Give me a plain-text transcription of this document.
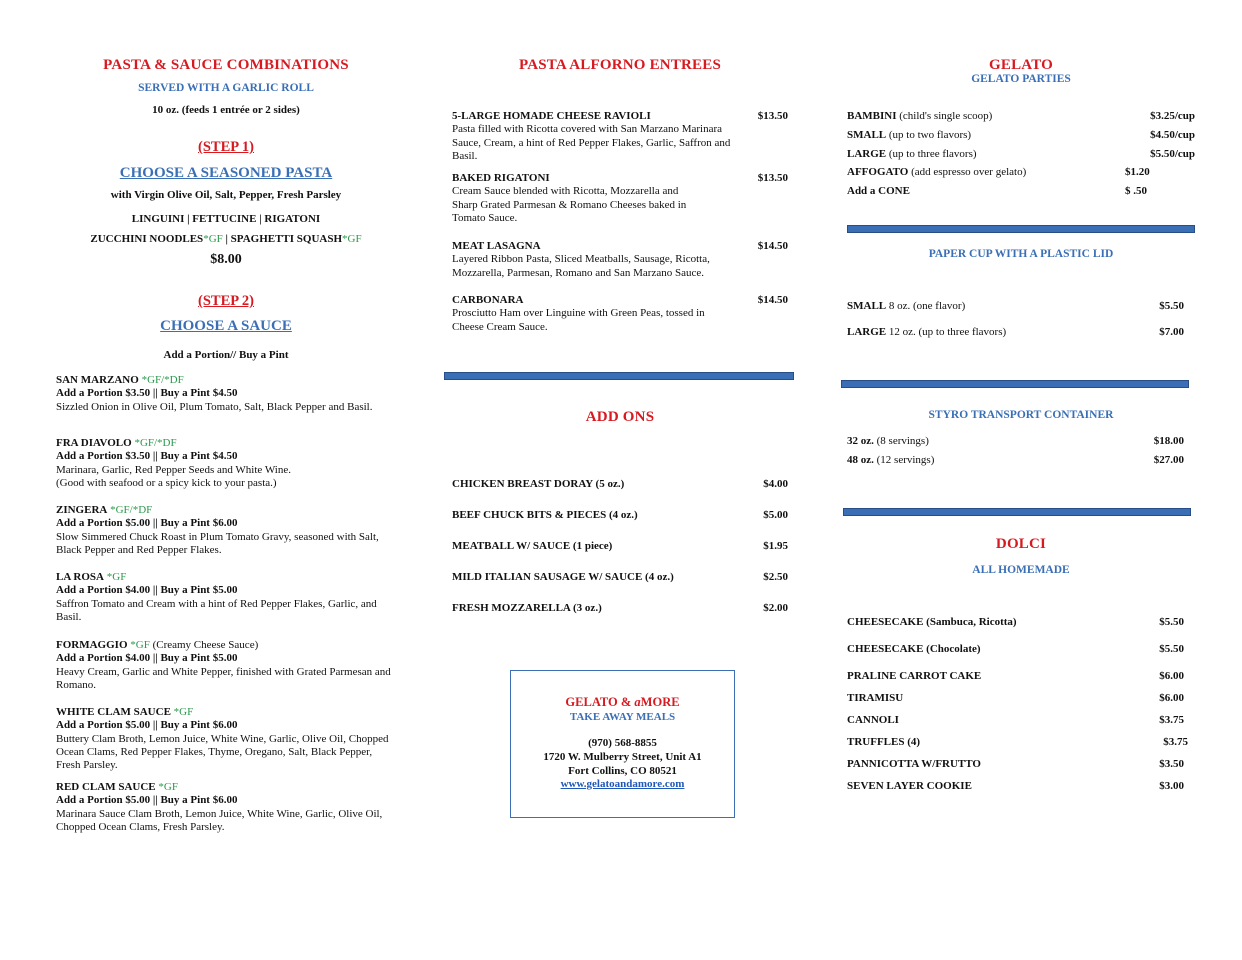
PASTA & SAUCE COMBINATIONS
SERVED WITH A GARLIC ROLL
10 oz. (feeds 1 entrée or 2 sides)
(STEP 1)
CHOOSE A SEASONED PASTA
with Virgin Olive Oil, Salt, Pepper, Fresh Parsley
LINGUINI | FETTUCINE | RIGATONI
ZUCCHINI NOODLES*GF | SPAGHETTI SQUASH*GF
$8.00
(STEP 2)
CHOOSE A SAUCE
Add a Portion// Buy a Pint
SAN MARZANO *GF/*DF
Add a Portion $3.50 || Buy a Pint $4.50
Sizzled Onion in Olive Oil, Plum Tomato, Salt, Black Pepper and Basil.
FRA DIAVOLO *GF/*DF
Add a Portion $3.50 || Buy a Pint $4.50
Marinara, Garlic, Red Pepper Seeds and White Wine.
(Good with seafood or a spicy kick to your pasta.)
ZINGERA *GF/*DF
Add a Portion $5.00 || Buy a Pint $6.00
Slow Simmered Chuck Roast in Plum Tomato Gravy, seasoned with Salt, Black Pepper and Red Pepper Flakes.
LA ROSA *GF
Add a Portion $4.00 || Buy a Pint $5.00
Saffron Tomato and Cream with a hint of Red Pepper Flakes, Garlic, and Basil.
FORMAGGIO *GF (Creamy Cheese Sauce)
Add a Portion $4.00 || Buy a Pint $5.00
Heavy Cream, Garlic and White Pepper, finished with Grated Parmesan and Romano.
WHITE CLAM SAUCE *GF
Add a Portion $5.00 || Buy a Pint $6.00
Buttery Clam Broth, Lemon Juice, White Wine, Garlic, Olive Oil, Chopped Ocean Clams, Red Pepper Flakes, Thyme, Oregano, Salt, Black Pepper, Fresh Parsley.
RED CLAM SAUCE *GF
Add a Portion $5.00 || Buy a Pint $6.00
Marinara Sauce Clam Broth, Lemon Juice, White Wine, Garlic, Olive Oil, Chopped Ocean Clams, Fresh Parsley.
PASTA ALFORNO ENTREES
5-LARGE HOMADE CHEESE RAVIOLI	$13.50
Pasta filled with Ricotta covered with San Marzano Marinara Sauce, Cream, a hint of Red Pepper Flakes, Garlic, Saffron and Basil.
BAKED RIGATONI	$13.50
Cream Sauce blended with Ricotta, Mozzarella and Sharp Grated Parmesan & Romano Cheeses baked in Tomato Sauce.
MEAT LASAGNA	$14.50
Layered Ribbon Pasta, Sliced Meatballs, Sausage, Ricotta, Mozzarella, Parmesan, Romano and San Marzano Sauce.
CARBONARA	$14.50
Prosciutto Ham over Linguine with Green Peas, tossed in Cheese Cream Sauce.
ADD ONS
CHICKEN BREAST DORAY (5 oz.)	$4.00
BEEF CHUCK BITS & PIECES (4 oz.)	$5.00
MEATBALL W/ SAUCE (1 piece)	$1.95
MILD ITALIAN SAUSAGE W/ SAUCE (4 oz.)	$2.50
FRESH MOZZARELLA (3 oz.)	$2.00
GELATO & aMORE
TAKE AWAY MEALS
(970) 568-8855
1720 W. Mulberry Street, Unit A1
Fort Collins, CO 80521
www.gelatoandamore.com
GELATO
GELATO PARTIES
BAMBINI (child's single scoop)	$3.25/cup
SMALL (up to two flavors)	$4.50/cup
LARGE (up to three flavors)	$5.50/cup
AFFOGATO (add espresso over gelato)	$1.20
Add a CONE	$ .50
PAPER CUP WITH A PLASTIC LID
SMALL 8 oz. (one flavor)	$5.50
LARGE 12 oz. (up to three flavors)	$7.00
STYRO TRANSPORT CONTAINER
32 oz. (8 servings)	$18.00
48 oz. (12 servings)	$27.00
DOLCI
ALL HOMEMADE
CHEESECAKE (Sambuca, Ricotta)	$5.50
CHEESECAKE (Chocolate)	$5.50
PRALINE CARROT CAKE	$6.00
TIRAMISU	$6.00
CANNOLI	$3.75
TRUFFLES (4)	$3.75
PANNICOTTA W/FRUTTO	$3.50
SEVEN LAYER COOKIE	$3.00
